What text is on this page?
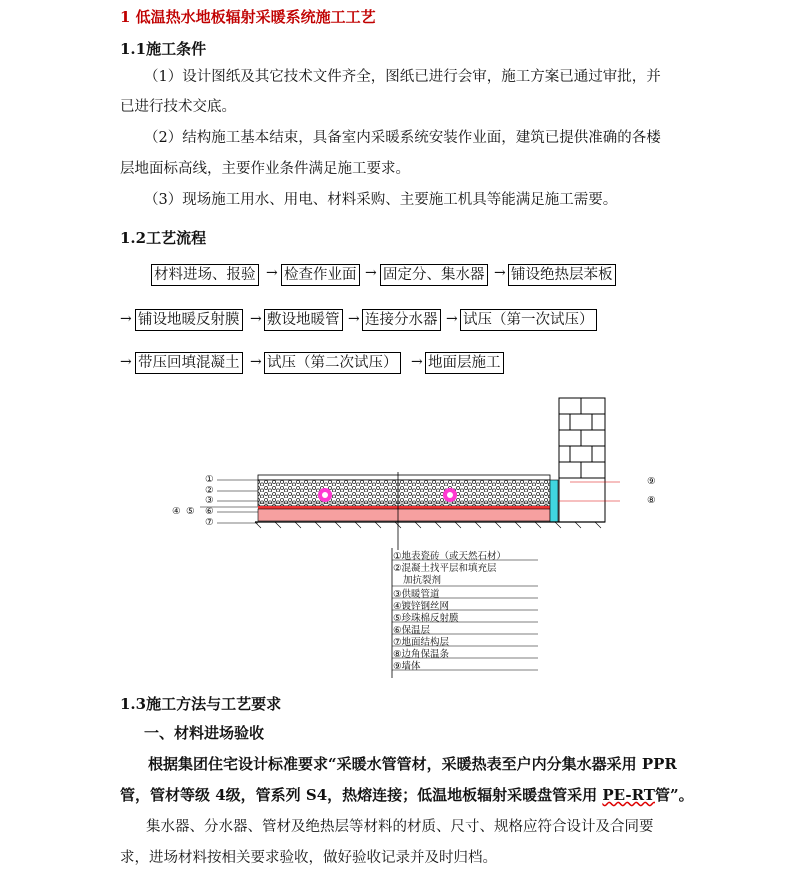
1 低温热水地板辐射采暖系统施工工艺
1.1施工条件
（1）设计图纸及其它技术文件齐全，图纸已进行会审，施工方案已通过审批，并
已进行技术交底。
（2）结构施工基本结束，具备室内采暖系统安装作业面，建筑已提供准确的各楼
层地面标高线，主要作业条件满足施工要求。
（3）现场施工用水、用电、材料采购、主要施工机具等能满足施工需要。
1.2工艺流程
材料进场、报验 → 检查作业面 → 固定分、集水器 → 铺设绝热层苯板
→ 铺设地暖反射膜 → 敷设地暖管 → 连接分水器 → 试压（第一次试压）
→ 带压回填混凝土 → 试压（第二次试压） → 地面层施工
①
②
③
④ ⑤ ⑥
⑦
⑨
⑧
①地表瓷砖（或天然石材）
②混凝土找平层和填充层
加抗裂剂
③供暖管道
④镀锌钢丝网
⑤珍珠棉反射膜
⑥保温层
⑦地面结构层
⑧边角保温条
⑨墙体
1.3施工方法与工艺要求
一、材料进场验收
根据集团住宅设计标准要求“采暖水管管材，采暖热表至户内分集水器采用 PPR
管，管材等级 4级，管系列 S4，热熔连接；低温地板辐射采暖盘管采用 PE-RT管”。
集水器、分水器、管材及绝热层等材料的材质、尺寸、规格应符合设计及合同要
求，进场材料按相关要求验收，做好验收记录并及时归档。
